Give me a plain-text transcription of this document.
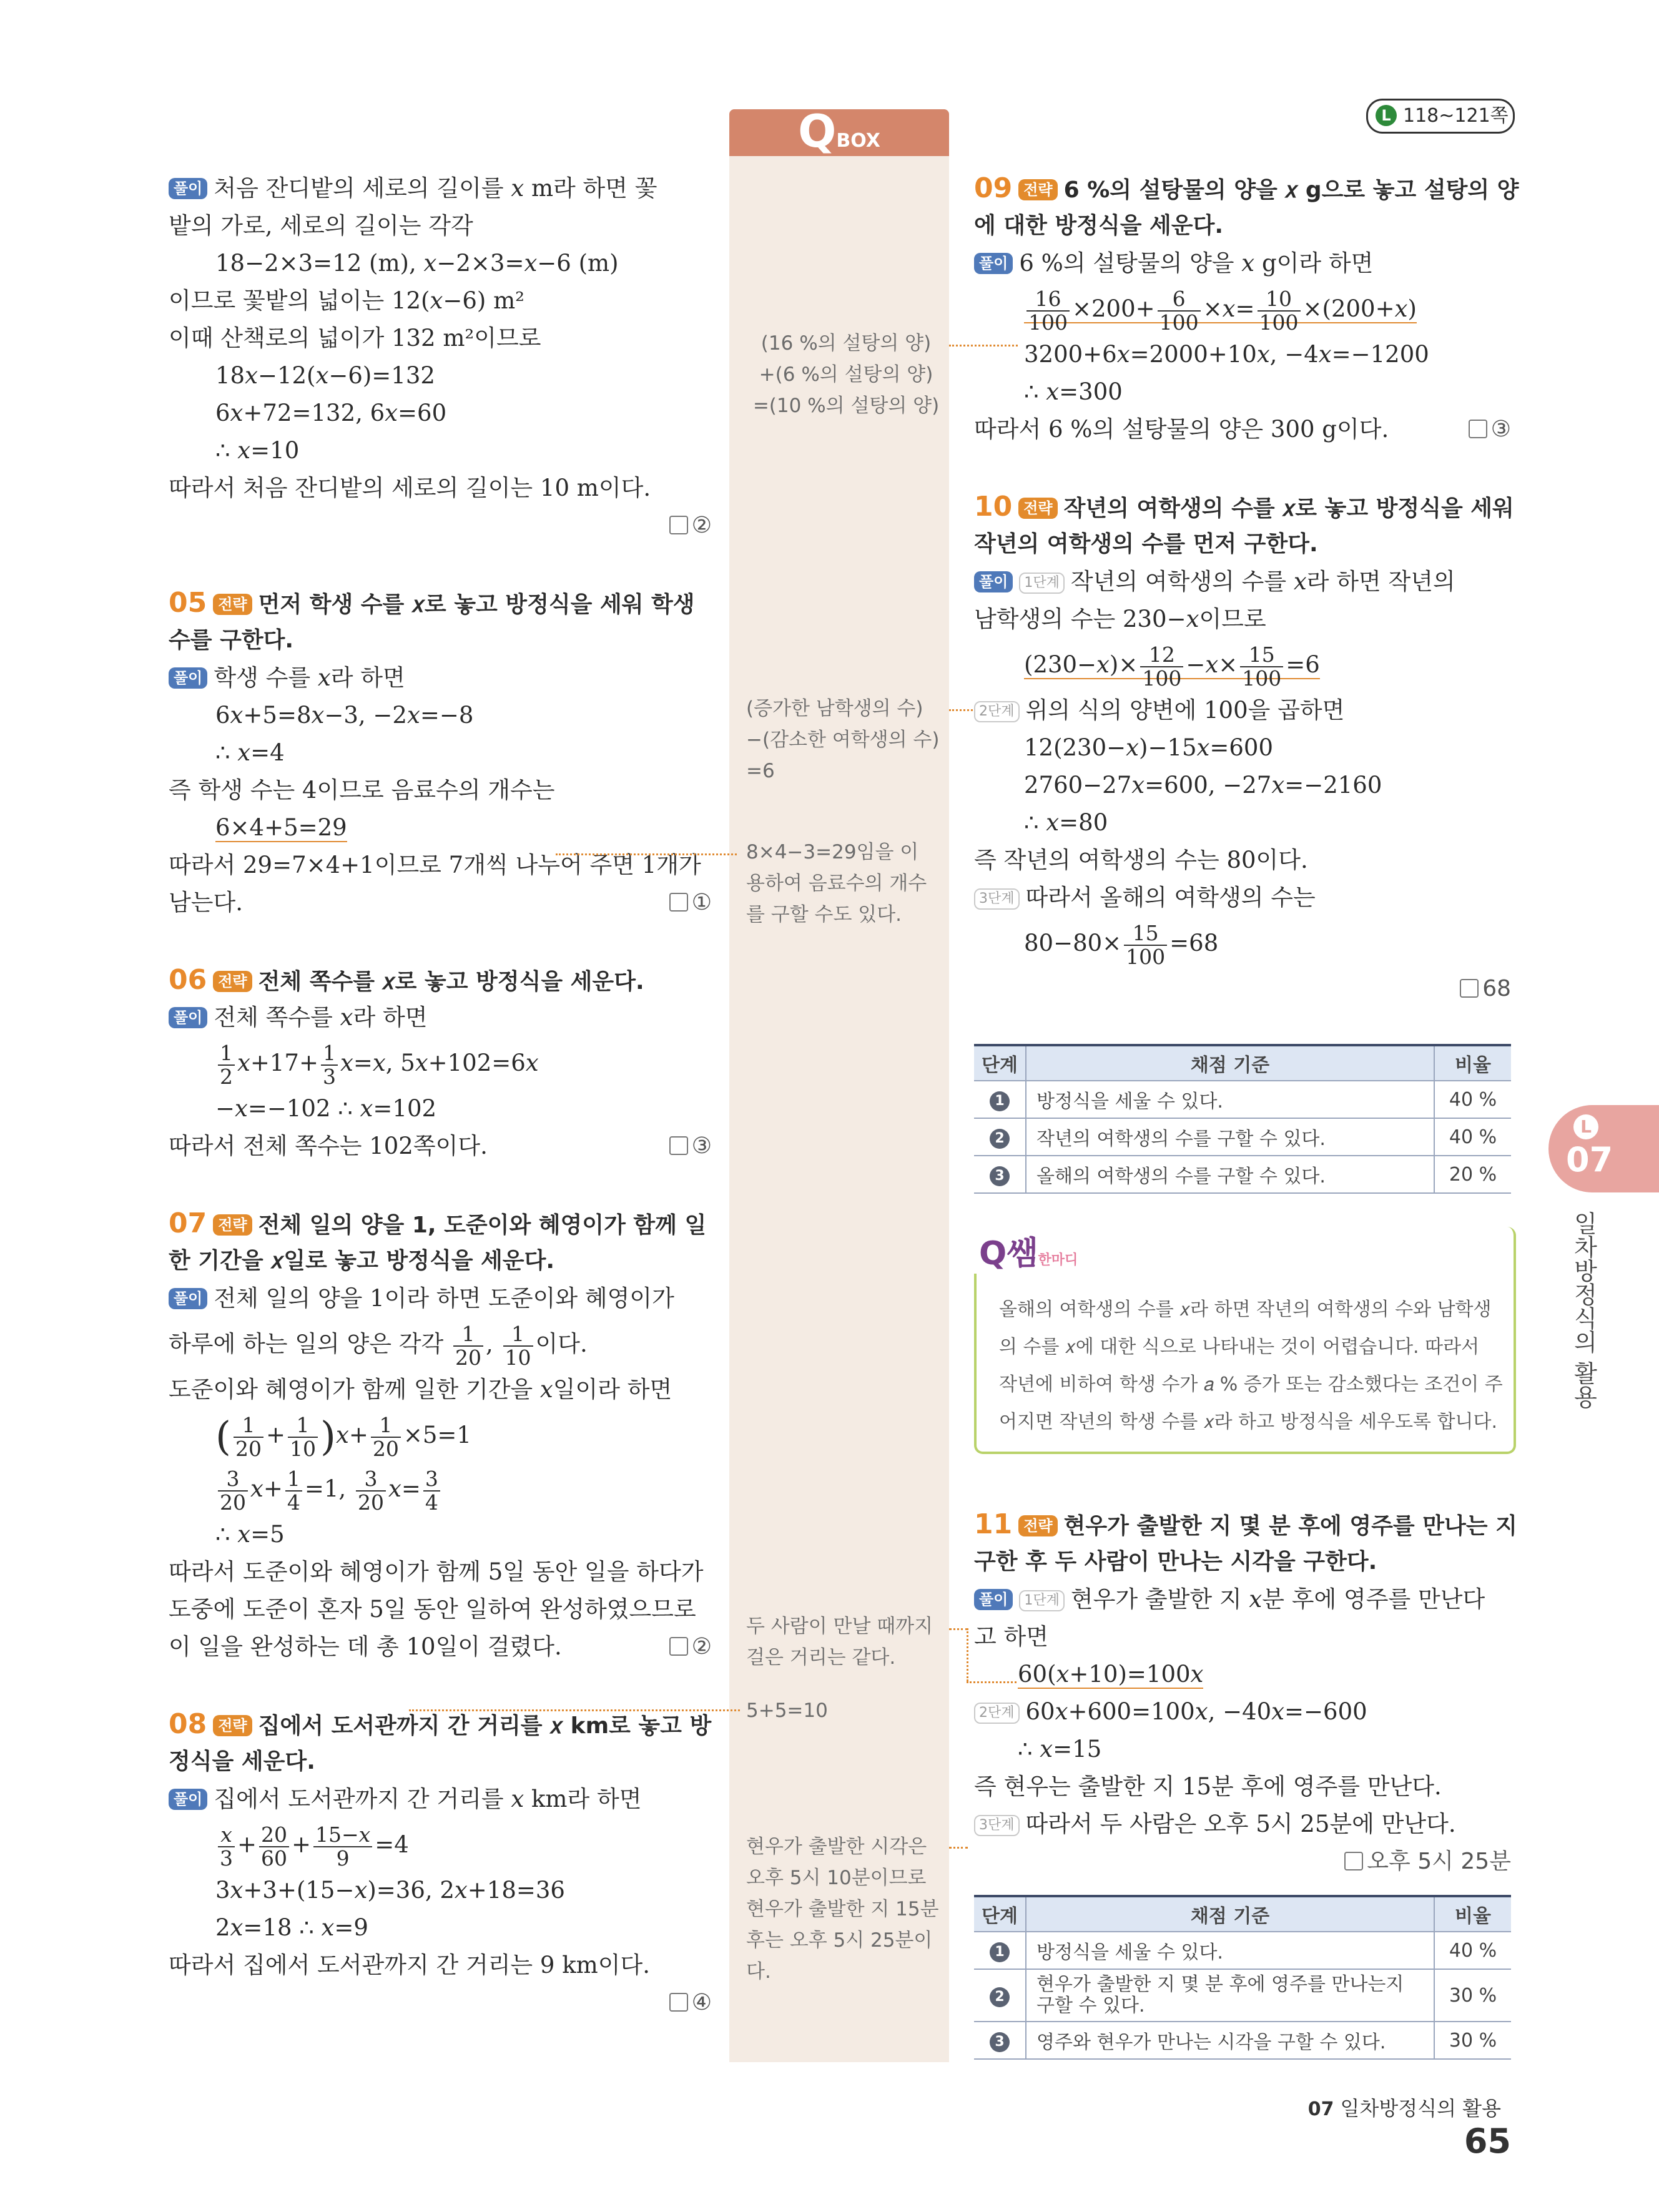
L 118~121쪽
QBOX
L
07
일차방정식의 활용
풀이 처음 잔디밭의 세로의 길이를 𝑥 m라 하면 꽃
밭의 가로, 세로의 길이는 각각
18−2×3=12 (m), 𝑥−2×3=𝑥−6 (m)
이므로 꽃밭의 넓이는 12(𝑥−6) m²
이때 산책로의 넓이가 132 m²이므로
18𝑥−12(𝑥−6)=132
6𝑥+72=132, 6𝑥=60
∴ 𝑥=10
따라서 처음 잔디밭의 세로의 길이는 10 m이다.
②
05 전략 먼저 학생 수를 𝑥로 놓고 방정식을 세워 학생
수를 구한다.
풀이 학생 수를 𝑥라 하면
6𝑥+5=8𝑥−3, −2𝑥=−8
∴ 𝑥=4
즉 학생 수는 4이므로 음료수의 개수는
6×4+5=29
따라서 29=7×4+1이므로 7개씩 나누어 주면 1개가
남는다.	①
06 전략 전체 쪽수를 𝑥로 놓고 방정식을 세운다.
풀이 전체 쪽수를 𝑥라 하면
$\frac{1}{2}$ 𝑥+17+ $\frac{1}{3}$ 𝑥=𝑥, 5𝑥+102=6𝑥
−𝑥=−102 ∴ 𝑥=102
따라서 전체 쪽수는 102쪽이다.	③
07 전략 전체 일의 양을 1, 도준이와 혜영이가 함께 일
한 기간을 𝑥일로 놓고 방정식을 세운다.
풀이 전체 일의 양을 1이라 하면 도준이와 혜영이가
하루에 하는 일의 양은 각각 $\frac{1}{20}$ , $\frac{1}{10}$ 이다.
도준이와 혜영이가 함께 일한 기간을 𝑥일이라 하면
( $\frac{1}{20} + \frac{1}{10}$ )𝑥+ $\frac{1}{20} \times 5=1$
$\frac{3}{20}$ 𝑥+ $\frac{1}{4} =1$, $\frac{3}{20}$ 𝑥= $\frac{3}{4}$
∴ 𝑥=5
따라서 도준이와 혜영이가 함께 5일 동안 일을 하다가
도중에 도준이 혼자 5일 동안 일하여 완성하였으므로
이 일을 완성하는 데 총 10일이 걸렸다.	②
08 전략 집에서 도서관까지 간 거리를 𝑥 km로 놓고 방
정식을 세운다.
풀이 집에서 도서관까지 간 거리를 𝑥 km라 하면
$\frac{\text{𝑥}}{3} + \frac{20}{60} + \frac{\text{15−𝑥}}{9} =4$
3𝑥+3+(15−𝑥)=36, 2𝑥+18=36
2𝑥=18 ∴ 𝑥=9
따라서 집에서 도서관까지 간 거리는 9 km이다.
④
(16 %의 설탕의 양)
+(6 %의 설탕의 양)
=(10 %의 설탕의 양)
(증가한 남학생의 수)
−(감소한 여학생의 수)
=6
8×4−3=29임을 이
용하여 음료수의 개수
를 구할 수도 있다.
두 사람이 만날 때까지
걸은 거리는 같다.
5+5=10
현우가 출발한 시각은
오후 5시 10분이므로
현우가 출발한 지 15분
후는 오후 5시 25분이
다.
09 전략 6 %의 설탕물의 양을 𝑥 g으로 놓고 설탕의 양
에 대한 방정식을 세운다.
풀이 6 %의 설탕물의 양을 𝑥 g이라 하면
$\frac{16}{100} \times 200+ \frac{6}{100}$ ×𝑥= $\frac{10}{100}$ ×(200+𝑥)
3200+6𝑥=2000+10𝑥, −4𝑥=−1200
∴ 𝑥=300
따라서 6 %의 설탕물의 양은 300 g이다.	③
10 전략 작년의 여학생의 수를 𝑥로 놓고 방정식을 세워
작년의 여학생의 수를 먼저 구한다.
풀이 1단계 작년의 여학생의 수를 𝑥라 하면 작년의
남학생의 수는 230−𝑥이므로
(230−𝑥)× $\frac{12}{100}$ −𝑥× $\frac{15}{100} =6$
2단계 위의 식의 양변에 100을 곱하면
12(230−𝑥)−15𝑥=600
2760−27𝑥=600, −27𝑥=−2160
∴ 𝑥=80
즉 작년의 여학생의 수는 80이다.
3단계 따라서 올해의 여학생의 수는
$80-80\times \frac{15}{100} =68$
68
단계	채점 기준	비율
1	방정식을 세울 수 있다.	40 %
2	작년의 여학생의 수를 구할 수 있다.	40 %
3	올해의 여학생의 수를 구할 수 있다.	20 %
Q쌤한마디
올해의 여학생의 수를 𝑥라 하면 작년의 여학생의 수와 남학생
의 수를 𝑥에 대한 식으로 나타내는 것이 어렵습니다. 따라서
작년에 비하여 학생 수가 𝑎 % 증가 또는 감소했다는 조건이 주
어지면 작년의 학생 수를 𝑥라 하고 방정식을 세우도록 합니다.
11 전략 현우가 출발한 지 몇 분 후에 영주를 만나는 지
구한 후 두 사람이 만나는 시각을 구한다.
풀이 1단계 현우가 출발한 지 𝑥분 후에 영주를 만난다
고 하면
60(𝑥+10)=100𝑥
2단계 60𝑥+600=100𝑥, −40𝑥=−600
∴ 𝑥=15
즉 현우는 출발한 지 15분 후에 영주를 만난다.
3단계 따라서 두 사람은 오후 5시 25분에 만난다.
오후 5시 25분
단계	채점 기준	비율
1	방정식을 세울 수 있다.	40 %
2	현우가 출발한 지 몇 분 후에 영주를 만나는지
구할 수 있다.	30 %
3	영주와 현우가 만나는 시각을 구할 수 있다.	30 %
07 일차방정식의 활용65
